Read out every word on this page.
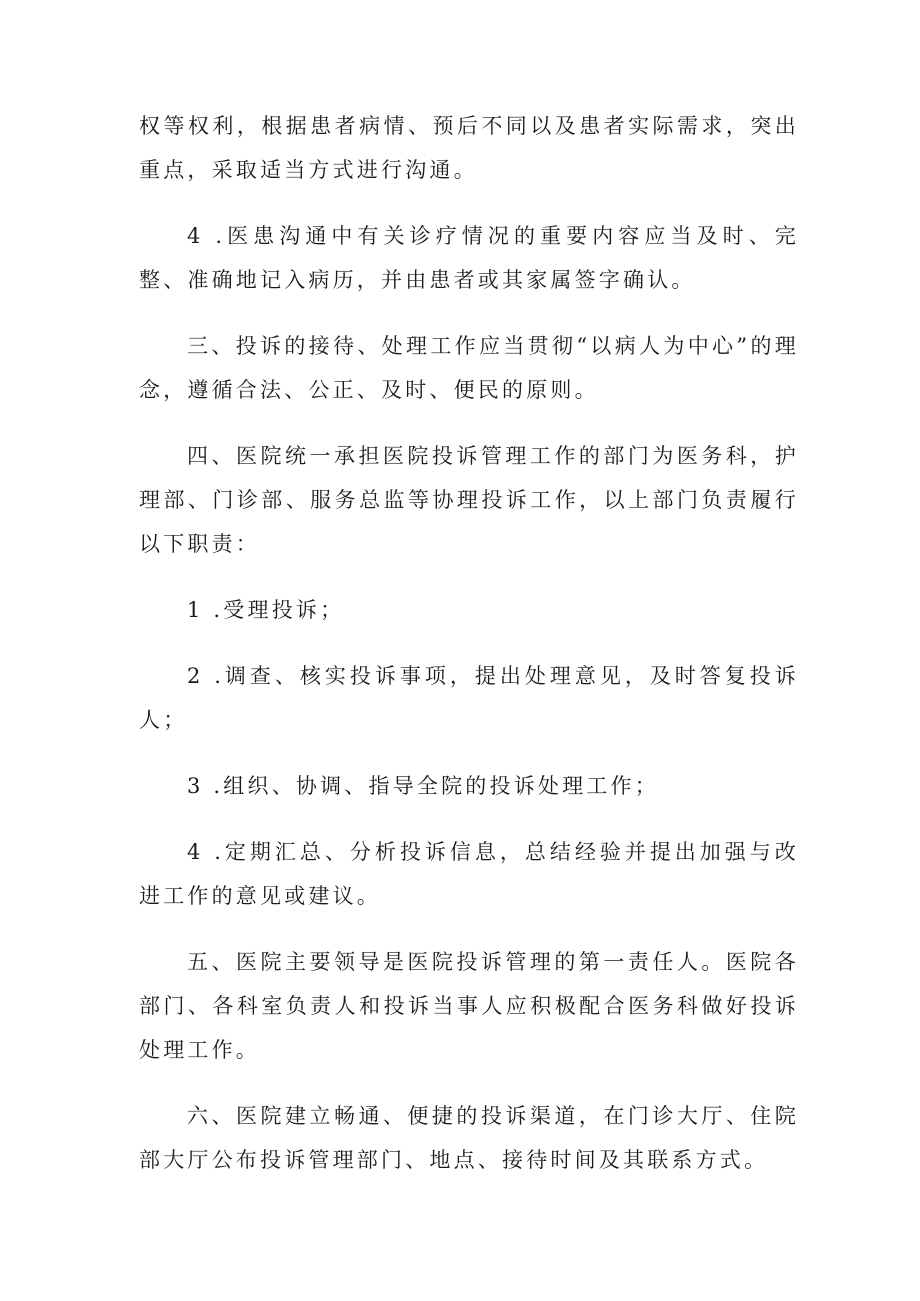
权等权利，根据患者病情、预后不同以及患者实际需求，突出重点，采取适当方式进行沟通。

4 .医患沟通中有关诊疗情况的重要内容应当及时、完整、准确地记入病历，并由患者或其家属签字确认。

三、投诉的接待、处理工作应当贯彻“以病人为中心”的理念，遵循合法、公正、及时、便民的原则。

四、医院统一承担医院投诉管理工作的部门为医务科，护理部、门诊部、服务总监等协理投诉工作，以上部门负责履行以下职责：

1 .受理投诉；

2 .调查、核实投诉事项，提出处理意见，及时答复投诉人；

3 .组织、协调、指导全院的投诉处理工作；

4 .定期汇总、分析投诉信息，总结经验并提出加强与改进工作的意见或建议。

五、医院主要领导是医院投诉管理的第一责任人。医院各部门、各科室负责人和投诉当事人应积极配合医务科做好投诉处理工作。

六、医院建立畅通、便捷的投诉渠道，在门诊大厅、住院部大厅公布投诉管理部门、地点、接待时间及其联系方式。
